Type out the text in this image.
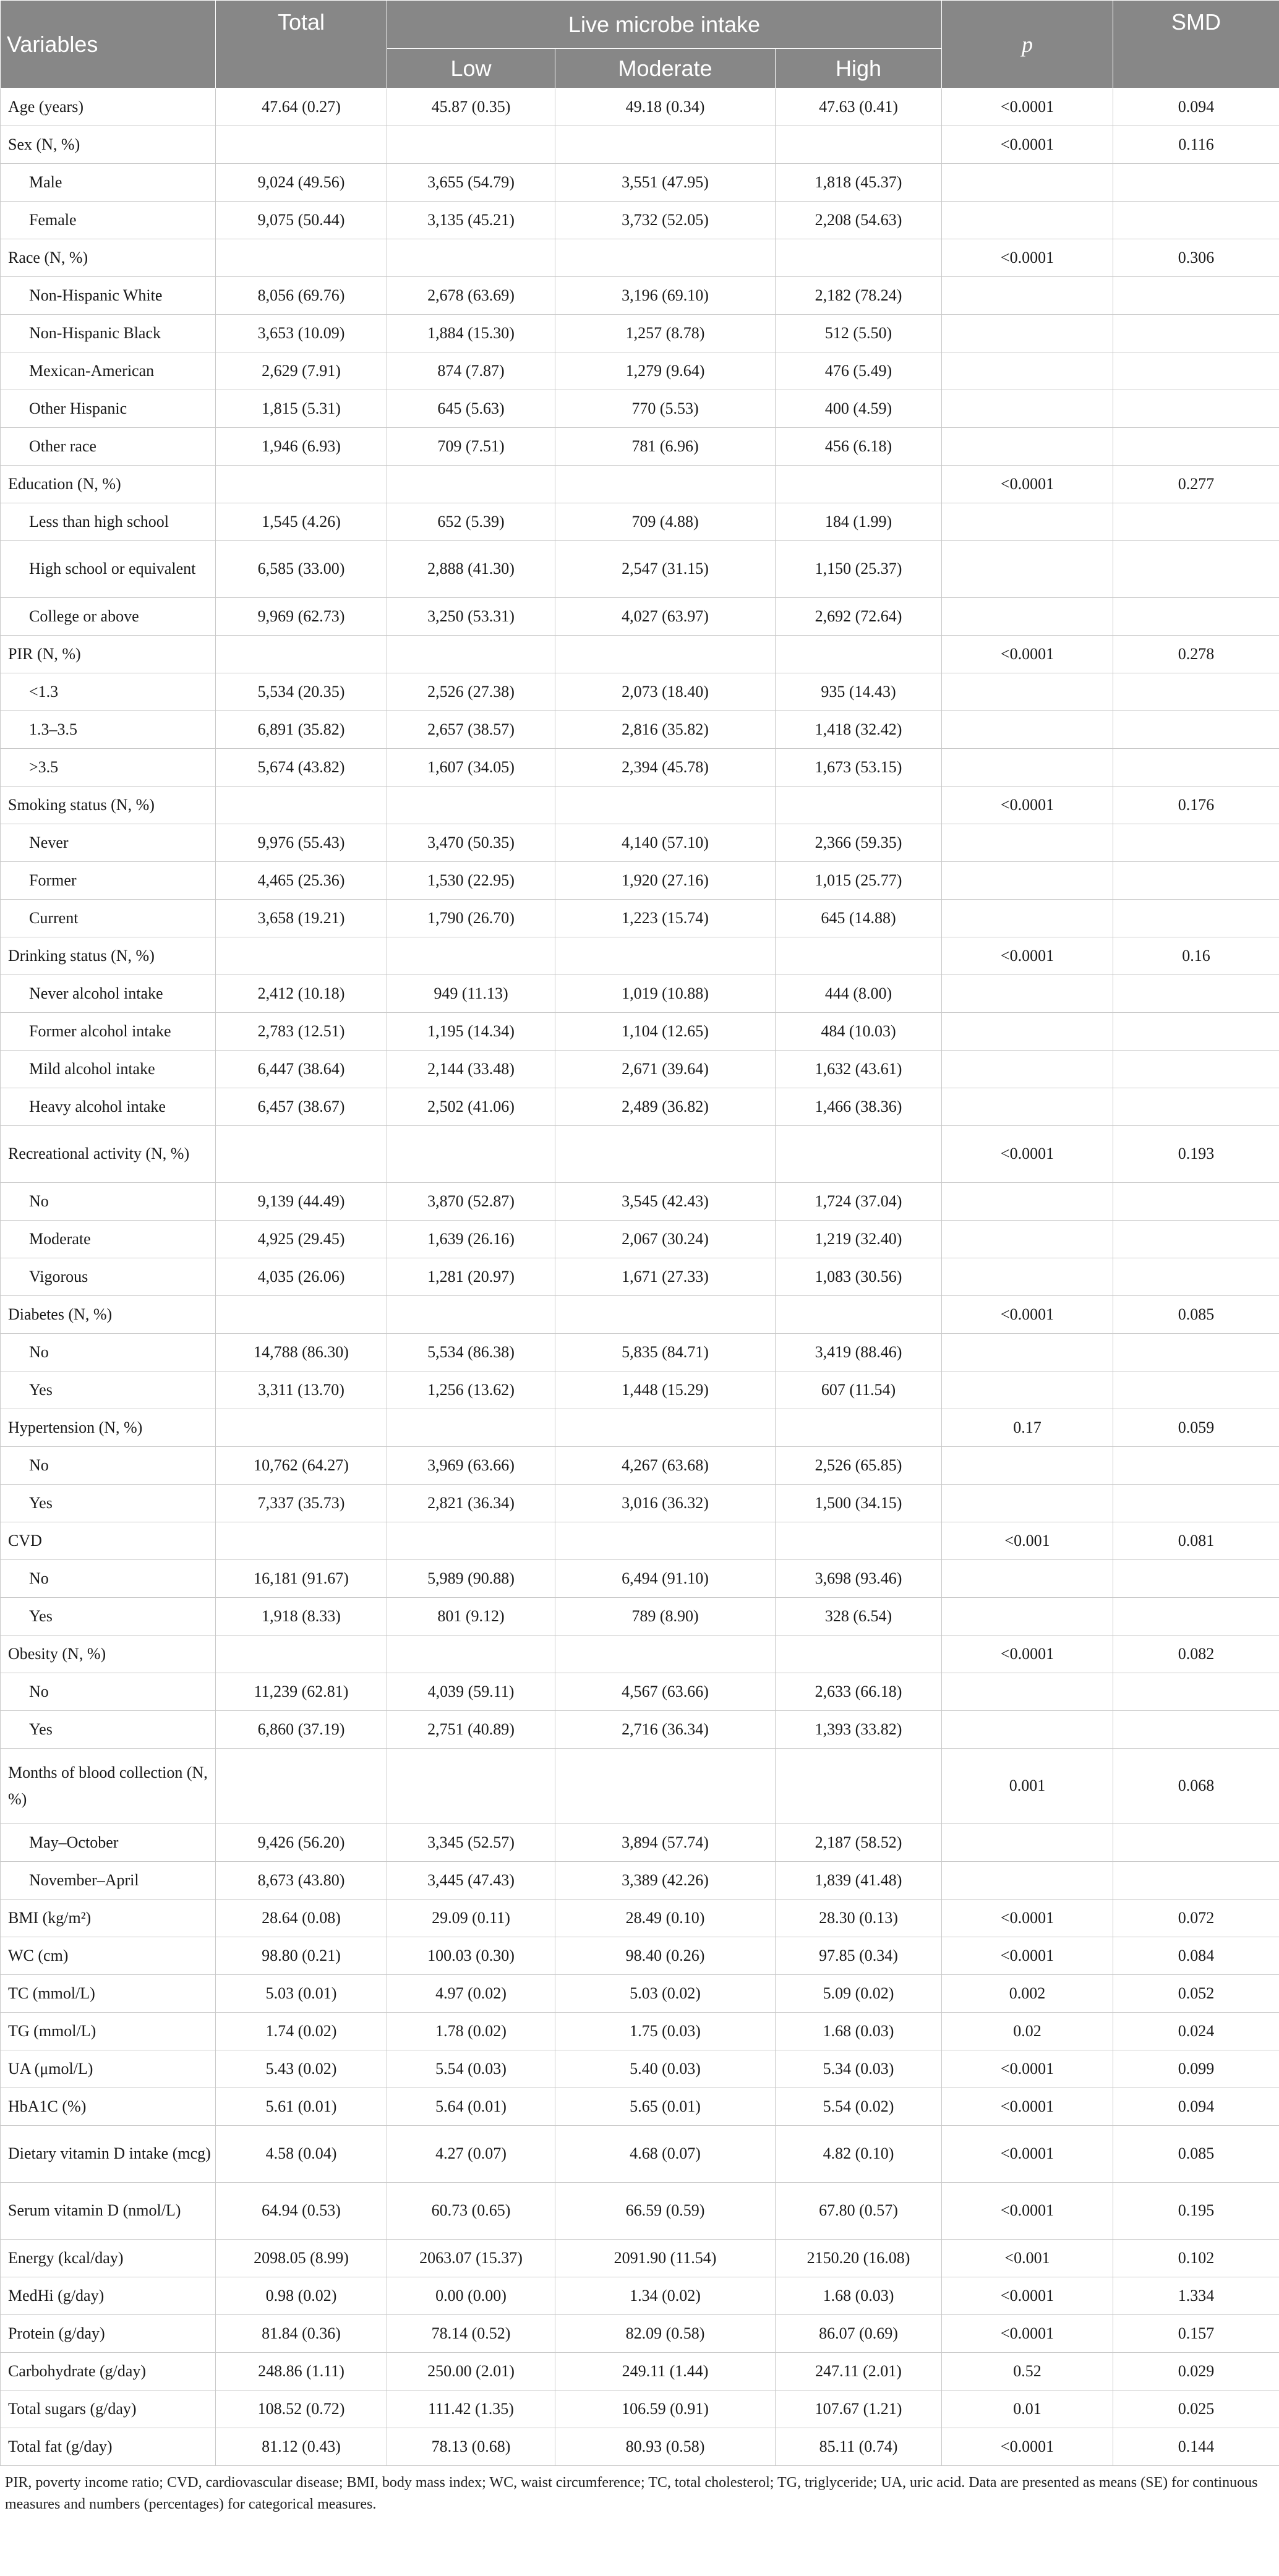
Variables	Total	Live microbe intake			p	SMD
		Low	Moderate	High		
Age (years)	47.64 (0.27)	45.87 (0.35)	49.18 (0.34)	47.63 (0.41)	<0.0001	0.094
Sex (N, %)					<0.0001	0.116
Male	9,024 (49.56)	3,655 (54.79)	3,551 (47.95)	1,818 (45.37)		
Female	9,075 (50.44)	3,135 (45.21)	3,732 (52.05)	2,208 (54.63)		
Race (N, %)					<0.0001	0.306
Non-Hispanic White	8,056 (69.76)	2,678 (63.69)	3,196 (69.10)	2,182 (78.24)		
Non-Hispanic Black	3,653 (10.09)	1,884 (15.30)	1,257 (8.78)	512 (5.50)		
Mexican-American	2,629 (7.91)	874 (7.87)	1,279 (9.64)	476 (5.49)		
Other Hispanic	1,815 (5.31)	645 (5.63)	770 (5.53)	400 (4.59)		
Other race	1,946 (6.93)	709 (7.51)	781 (6.96)	456 (6.18)		
Education (N, %)					<0.0001	0.277
Less than high school	1,545 (4.26)	652 (5.39)	709 (4.88)	184 (1.99)		
High school or equivalent	6,585 (33.00)	2,888 (41.30)	2,547 (31.15)	1,150 (25.37)		
College or above	9,969 (62.73)	3,250 (53.31)	4,027 (63.97)	2,692 (72.64)		
PIR (N, %)					<0.0001	0.278
<1.3	5,534 (20.35)	2,526 (27.38)	2,073 (18.40)	935 (14.43)		
1.3–3.5	6,891 (35.82)	2,657 (38.57)	2,816 (35.82)	1,418 (32.42)		
>3.5	5,674 (43.82)	1,607 (34.05)	2,394 (45.78)	1,673 (53.15)		
Smoking status (N, %)					<0.0001	0.176
Never	9,976 (55.43)	3,470 (50.35)	4,140 (57.10)	2,366 (59.35)		
Former	4,465 (25.36)	1,530 (22.95)	1,920 (27.16)	1,015 (25.77)		
Current	3,658 (19.21)	1,790 (26.70)	1,223 (15.74)	645 (14.88)		
Drinking status (N, %)					<0.0001	0.16
Never alcohol intake	2,412 (10.18)	949 (11.13)	1,019 (10.88)	444 (8.00)		
Former alcohol intake	2,783 (12.51)	1,195 (14.34)	1,104 (12.65)	484 (10.03)		
Mild alcohol intake	6,447 (38.64)	2,144 (33.48)	2,671 (39.64)	1,632 (43.61)		
Heavy alcohol intake	6,457 (38.67)	2,502 (41.06)	2,489 (36.82)	1,466 (38.36)		
Recreational activity (N, %)					<0.0001	0.193
No	9,139 (44.49)	3,870 (52.87)	3,545 (42.43)	1,724 (37.04)		
Moderate	4,925 (29.45)	1,639 (26.16)	2,067 (30.24)	1,219 (32.40)		
Vigorous	4,035 (26.06)	1,281 (20.97)	1,671 (27.33)	1,083 (30.56)		
Diabetes (N, %)					<0.0001	0.085
No	14,788 (86.30)	5,534 (86.38)	5,835 (84.71)	3,419 (88.46)		
Yes	3,311 (13.70)	1,256 (13.62)	1,448 (15.29)	607 (11.54)		
Hypertension (N, %)					0.17	0.059
No	10,762 (64.27)	3,969 (63.66)	4,267 (63.68)	2,526 (65.85)		
Yes	7,337 (35.73)	2,821 (36.34)	3,016 (36.32)	1,500 (34.15)		
CVD					<0.001	0.081
No	16,181 (91.67)	5,989 (90.88)	6,494 (91.10)	3,698 (93.46)		
Yes	1,918 (8.33)	801 (9.12)	789 (8.90)	328 (6.54)		
Obesity (N, %)					<0.0001	0.082
No	11,239 (62.81)	4,039 (59.11)	4,567 (63.66)	2,633 (66.18)		
Yes	6,860 (37.19)	2,751 (40.89)	2,716 (36.34)	1,393 (33.82)		
Months of blood collection (N, %)					0.001	0.068
May–October	9,426 (56.20)	3,345 (52.57)	3,894 (57.74)	2,187 (58.52)		
November–April	8,673 (43.80)	3,445 (47.43)	3,389 (42.26)	1,839 (41.48)		
BMI (kg/m²)	28.64 (0.08)	29.09 (0.11)	28.49 (0.10)	28.30 (0.13)	<0.0001	0.072
WC (cm)	98.80 (0.21)	100.03 (0.30)	98.40 (0.26)	97.85 (0.34)	<0.0001	0.084
TC (mmol/L)	5.03 (0.01)	4.97 (0.02)	5.03 (0.02)	5.09 (0.02)	0.002	0.052
TG (mmol/L)	1.74 (0.02)	1.78 (0.02)	1.75 (0.03)	1.68 (0.03)	0.02	0.024
UA (μmol/L)	5.43 (0.02)	5.54 (0.03)	5.40 (0.03)	5.34 (0.03)	<0.0001	0.099
HbA1C (%)	5.61 (0.01)	5.64 (0.01)	5.65 (0.01)	5.54 (0.02)	<0.0001	0.094
Dietary vitamin D intake (mcg)	4.58 (0.04)	4.27 (0.07)	4.68 (0.07)	4.82 (0.10)	<0.0001	0.085
Serum vitamin D (nmol/L)	64.94 (0.53)	60.73 (0.65)	66.59 (0.59)	67.80 (0.57)	<0.0001	0.195
Energy (kcal/day)	2098.05 (8.99)	2063.07 (15.37)	2091.90 (11.54)	2150.20 (16.08)	<0.001	0.102
MedHi (g/day)	0.98 (0.02)	0.00 (0.00)	1.34 (0.02)	1.68 (0.03)	<0.0001	1.334
Protein (g/day)	81.84 (0.36)	78.14 (0.52)	82.09 (0.58)	86.07 (0.69)	<0.0001	0.157
Carbohydrate (g/day)	248.86 (1.11)	250.00 (2.01)	249.11 (1.44)	247.11 (2.01)	0.52	0.029
Total sugars (g/day)	108.52 (0.72)	111.42 (1.35)	106.59 (0.91)	107.67 (1.21)	0.01	0.025
Total fat (g/day)	81.12 (0.43)	78.13 (0.68)	80.93 (0.58)	85.11 (0.74)	<0.0001	0.144
PIR, poverty income ratio; CVD, cardiovascular disease; BMI, body mass index; WC, waist circumference; TC, total cholesterol; TG, triglyceride; UA, uric acid. Data are presented as means (SE) for continuous measures and numbers (percentages) for categorical measures.
